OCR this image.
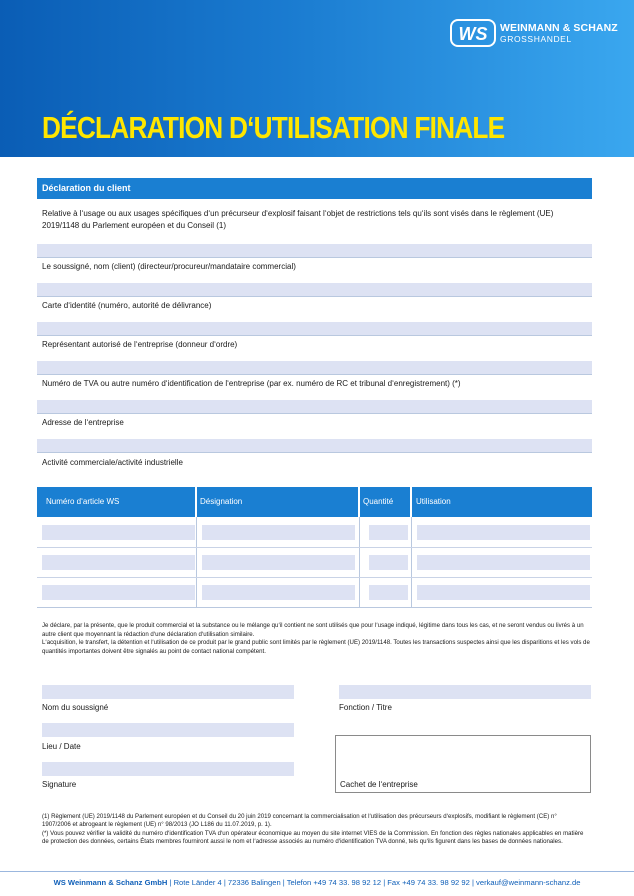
WS WEINMANN & SCHANZ
GROSSHANDEL
DÉCLARATION D‘UTILISATION FINALE
Déclaration du client
Relative à l‘usage ou aux usages spécifiques d‘un précurseur d‘explosif faisant l‘objet de restrictions tels qu‘ils sont visés dans le règlement (UE) 2019/1148 du Parlement européen et du Conseil (1)
Le soussigné, nom (client) (directeur/procureur/mandataire commercial)
Carte d‘identité (numéro, autorité de délivrance)
Représentant autorisé de l‘entreprise (donneur d‘ordre)
Numéro de TVA ou autre numéro d‘identification de l‘entreprise (par ex. numéro de RC et tribunal d‘enregistrement) (*)
Adresse de l‘entreprise
Activité commerciale/activité industrielle
Numéro d‘article WS	Désignation	Quantité	Utilisation
Je déclare, par la présente, que le produit commercial et la substance ou le mélange qu‘il contient ne sont utilisés que pour l‘usage indiqué, légitime dans tous les cas, et ne seront vendus ou livrés à un autre client que moyennant la rédaction d‘une déclaration d‘utilisation similaire.
L‘acquisition, le transfert, la détention et l‘utilisation de ce produit par le grand public sont limités par le règlement (UE) 2019/1148. Toutes les transactions suspectes ainsi que les disparitions et les vols de quantités importantes doivent être signalés au point de contact national compétent.
Nom du soussigné	Fonction / Titre
Lieu / Date
Signature	Cachet de l‘entreprise
(1) Règlement (UE) 2019/1148 du Parlement européen et du Conseil du 20 juin 2019 concernant la commercialisation et l‘utilisation des précurseurs d‘explosifs, modifiant le règlement (CE) n° 1907/2006 et abrogeant le règlement (UE) n° 98/2013 (JO L186 du 11.07.2019, p. 1).
(*) Vous pouvez vérifier la validité du numéro d‘identification TVA d‘un opérateur économique au moyen du site internet VIES de la Commission. En fonction des règles nationales applicables en matière de protection des données, certains États membres fourniront aussi le nom et l‘adresse associés au numéro d‘identification TVA donné, tels qu‘ils figurent dans les bases de données nationales.
WS Weinmann & Schanz GmbH | Rote Länder 4 | 72336 Balingen | Telefon +49 74 33. 98 92 12 | Fax +49 74 33. 98 92 92 | verkauf@weinmann-schanz.de
